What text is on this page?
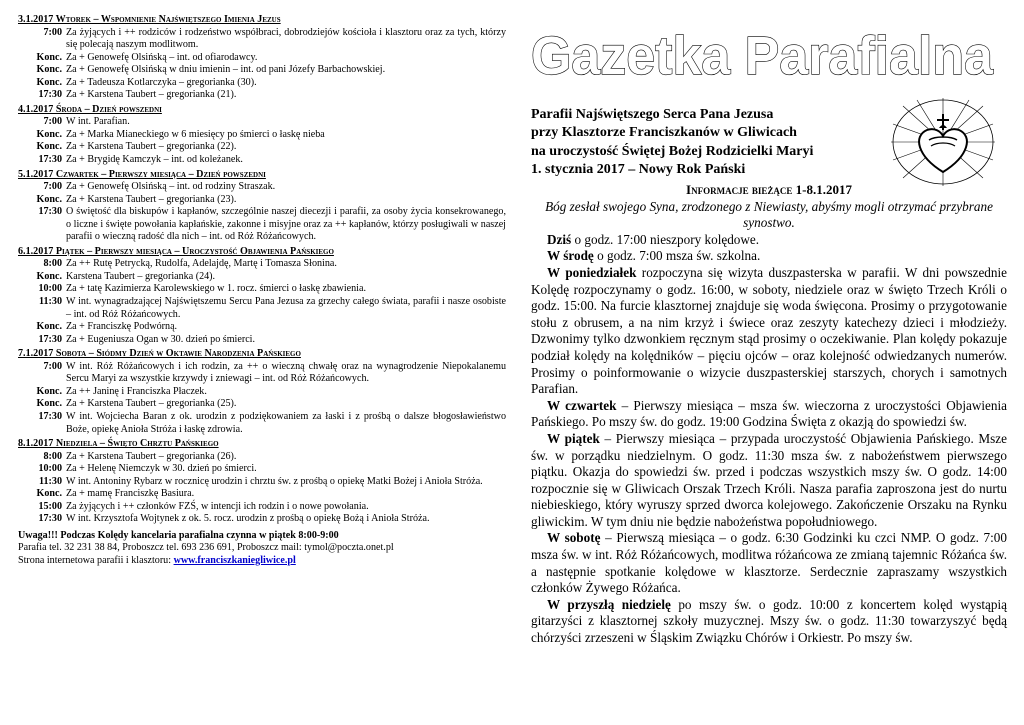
3.1.2017 Wtorek – Wspomnienie Najświętszego Imienia Jezus
7:00 Za żyjących i ++ rodziców i rodzeństwo współbraci, dobrodziejów kościoła i klasztoru oraz za tych, którzy się polecają naszym modlitwom.
Konc. Za + Genowefę Olsińską – int. od ofiarodawcy.
Konc. Za + Genowefę Olsińską w dniu imienin – int. od pani Józefy Barbachowskiej.
Konc. Za + Tadeusza Kotlarczyka – gregorianka (30).
17:30 Za + Karstena Taubert – gregorianka (21).
4.1.2017 Środa – Dzień powszedni
7:00 W int. Parafian.
Konc. Za + Marka Mianeckiego w 6 miesięcy po śmierci o łaskę nieba
Konc. Za + Karstena Taubert – gregorianka (22).
17:30 Za + Brygidę Kamczyk – int. od koleżanek.
5.1.2017 Czwartek – Pierwszy miesiąca – Dzień powszedni
7:00 Za + Genowefę Olsińską – int. od rodziny Straszak.
Konc. Za + Karstena Taubert – gregorianka (23).
17:30 O świętość dla biskupów i kapłanów, szczególnie naszej diecezji i parafii, za osoby życia konsekrowanego, o liczne i święte powołania kapłańskie, zakonne i misyjne oraz za ++ kapłanów, którzy posługiwali w naszej parafii o wieczną radość dla nich – int. od Róż Różańcowych.
6.1.2017 Piątek – Pierwszy miesiąca – Uroczystość Objawienia Pańskiego
8:00 Za ++ Rutę Petrycką, Rudolfa, Adelajdę, Martę i Tomasza Słonina.
Konc. Karstena Taubert – gregorianka (24).
10:00 Za + tatę Kazimierza Karolewskiego w 1. rocz. śmierci o łaskę zbawienia.
11:30 W int. wynagradzającej Najświętszemu Sercu Pana Jezusa za grzechy całego świata, parafii i nasze osobiste – int. od Róż Różańcowych.
Konc. Za + Franciszkę Podwórną.
17:30 Za + Eugeniusza Ogan w 30. dzień po śmierci.
7.1.2017 Sobota – Siódmy Dzień w Oktawie Narodzenia Pańskiego
7:00 W int. Róż Różańcowych i ich rodzin, za ++ o wieczną chwałę oraz na wynagrodzenie Niepokalanemu Sercu Maryi za wszystkie krzywdy i zniewagi – int. od Róż Różańcowych.
Konc. Za ++ Janinę i Franciszka Płaczek.
Konc. Za + Karstena Taubert – gregorianka (25).
17:30 W int. Wojciecha Baran z ok. urodzin z podziękowaniem za łaski i z prośbą o dalsze błogosławieństwo Boże, opiekę Anioła Stróża i łaskę zdrowia.
8.1.2017 Niedziela – Święto Chrztu Pańskiego
8:00 Za + Karstena Taubert – gregorianka (26).
10:00 Za + Helenę Niemczyk w 30. dzień po śmierci.
11:30 W int. Antoniny Rybarz w rocznicę urodzin i chrztu św. z prośbą o opiekę Matki Bożej i Anioła Stróża.
Konc. Za + mamę Franciszkę Basiura.
15:00 Za żyjących i ++ członków FZŚ, w intencji ich rodzin i o nowe powołania.
17:30 W int. Krzysztofa Wojtynek z ok. 5. rocz. urodzin z prośbą o opiekę Bożą i Anioła Stróża.
Uwaga!!! Podczas Kolędy kancelaria parafialna czynna w piątek 8:00-9:00
Parafia tel. 32 231 38 84, Proboszcz tel. 693 236 691, Proboszcz mail: tymol@poczta.onet.pl
Strona internetowa parafii i klasztoru: www.franciszkaniegliwice.pl
Gazetka Parafialna
Parafii Najświętszego Serca Pana Jezusa
przy Klasztorze Franciszkanów w Gliwicach
na uroczystość Świętej Bożej Rodzicielki Maryi
1. stycznia 2017 – Nowy Rok Pański
Informacje bieżące 1-8.1.2017
Bóg zesłał swojego Syna, zrodzonego z Niewiasty, abyśmy mogli otrzymać przybrane synostwo.
Dziś o godz. 17:00 nieszpory kolędowe.
W środę o godz. 7:00 msza św. szkolna.
W poniedziałek rozpoczyna się wizyta duszpasterska w parafii. W dni powszednie Kolędę rozpoczynamy o godz. 16:00, w soboty, niedziele oraz w święto Trzech Króli o godz. 15:00. Na furcie klasztornej znajduje się woda święcona. Prosimy o przygotowanie stołu z obrusem, a na nim krzyż i świece oraz zeszyty katechezy dzieci i młodzieży. Dzwonimy tylko dzwonkiem ręcznym stąd prosimy o oczekiwanie. Plan kolędy pokazuje podział kolędy na kolędników – pięciu ojców – oraz kolejność odwiedzanych numerów. Prosimy o poinformowanie o wizycie duszpasterskiej starszych, chorych i samotnych Parafian.
W czwartek – Pierwszy miesiąca – msza św. wieczorna z uroczystości Objawienia Pańskiego. Po mszy św. do godz. 19:00 Godzina Święta z okazją do spowiedzi św.
W piątek – Pierwszy miesiąca – przypada uroczystość Objawienia Pańskiego. Msze św. w porządku niedzielnym. O godz. 11:30 msza św. z nabożeństwem pierwszego piątku. Okazja do spowiedzi św. przed i podczas wszystkich mszy św. O godz. 14:00 rozpocznie się w Gliwicach Orszak Trzech Króli. Nasza parafia zaproszona jest do nurtu niebieskiego, który wyruszy sprzed dworca kolejowego. Zakończenie Orszaku na Rynku gliwickim. W tym dniu nie będzie nabożeństwa popołudniowego.
W sobotę – Pierwszą miesiąca – o godz. 6:30 Godzinki ku czci NMP. O godz. 7:00 msza św. w int. Róż Różańcowych, modlitwa różańcowa ze zmianą tajemnic Różańca św. a następnie spotkanie kolędowe w klasztorze. Serdecznie zapraszamy wszystkich członków Żywego Różańca.
W przyszłą niedzielę po mszy św. o godz. 10:00 z koncertem kolęd wystąpią gitarzyści z klasztornej szkoły muzycznej. Mszy św. o godz. 11:30 towarzyszyć będą chórzyści zrzeszeni w Śląskim Związku Chórów i Orkiestr. Po mszy św.
